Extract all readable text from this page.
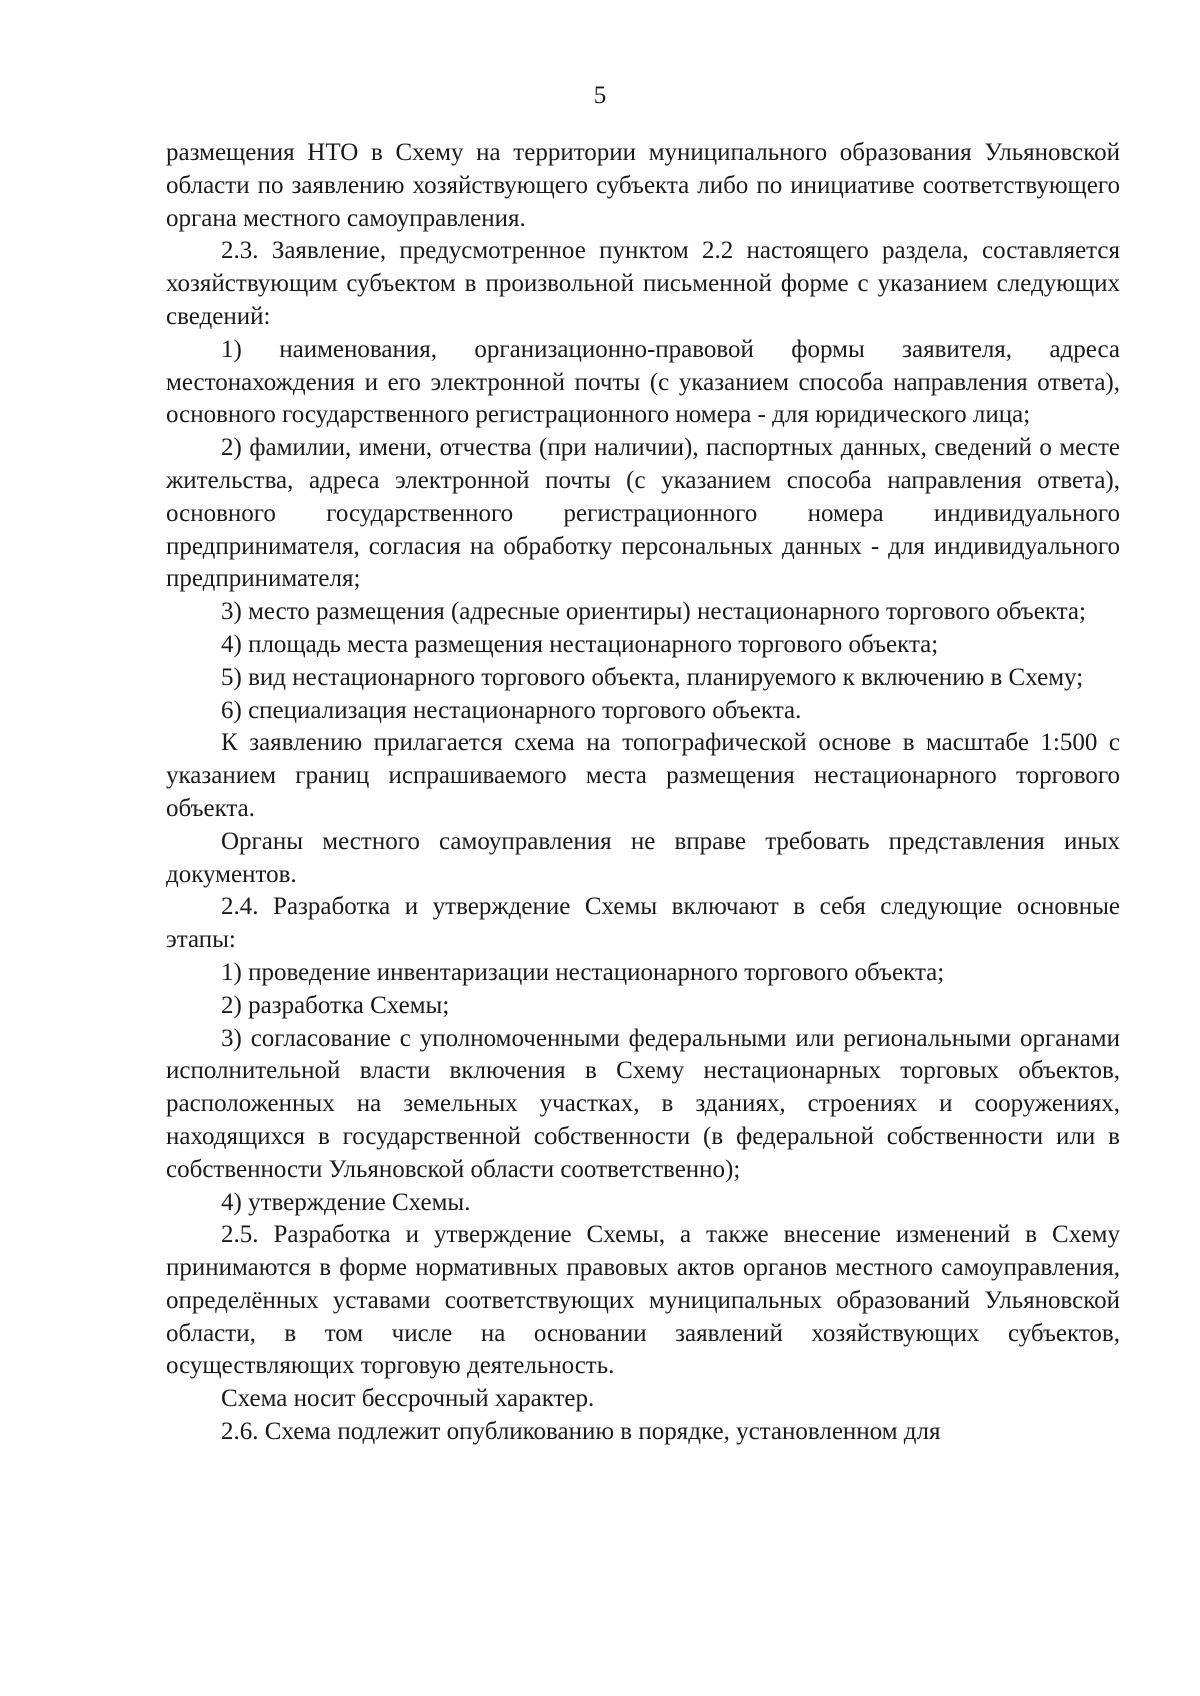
5

размещения НТО в Схему на территории муниципального образования Ульяновской области по заявлению хозяйствующего субъекта либо по инициативе соответствующего органа местного самоуправления.

2.3. Заявление, предусмотренное пунктом 2.2 настоящего раздела, составляется хозяйствующим субъектом в произвольной письменной форме с указанием следующих сведений:

1) наименования, организационно-правовой формы заявителя, адреса местонахождения и его электронной почты (с указанием способа направления ответа), основного государственного регистрационного номера - для юридического лица;

2) фамилии, имени, отчества (при наличии), паспортных данных, сведений о месте жительства, адреса электронной почты (с указанием способа направления ответа), основного государственного регистрационного номера индивидуального предпринимателя, согласия на обработку персональных данных - для индивидуального предпринимателя;

3) место размещения (адресные ориентиры) нестационарного торгового объекта;

4) площадь места размещения нестационарного торгового объекта;

5) вид нестационарного торгового объекта, планируемого к включению в Схему;

6) специализация нестационарного торгового объекта.

К заявлению прилагается схема на топографической основе в масштабе 1:500 с указанием границ испрашиваемого места размещения нестационарного торгового объекта.

Органы местного самоуправления не вправе требовать представления иных документов.

2.4. Разработка и утверждение Схемы включают в себя следующие основные этапы:

1) проведение инвентаризации нестационарного торгового объекта;

2) разработка Схемы;

3) согласование с уполномоченными федеральными или региональными органами исполнительной власти включения в Схему нестационарных торговых объектов, расположенных на земельных участках, в зданиях, строениях и сооружениях, находящихся в государственной собственности (в федеральной собственности или в собственности Ульяновской области соответственно);

4) утверждение Схемы.

2.5. Разработка и утверждение Схемы, а также внесение изменений в Схему принимаются в форме нормативных правовых актов органов местного самоуправления, определённых уставами соответствующих муниципальных образований Ульяновской области, в том числе на основании заявлений хозяйствующих субъектов, осуществляющих торговую деятельность.

Схема носит бессрочный характер.

2.6. Схема подлежит опубликованию в порядке, установленном для
